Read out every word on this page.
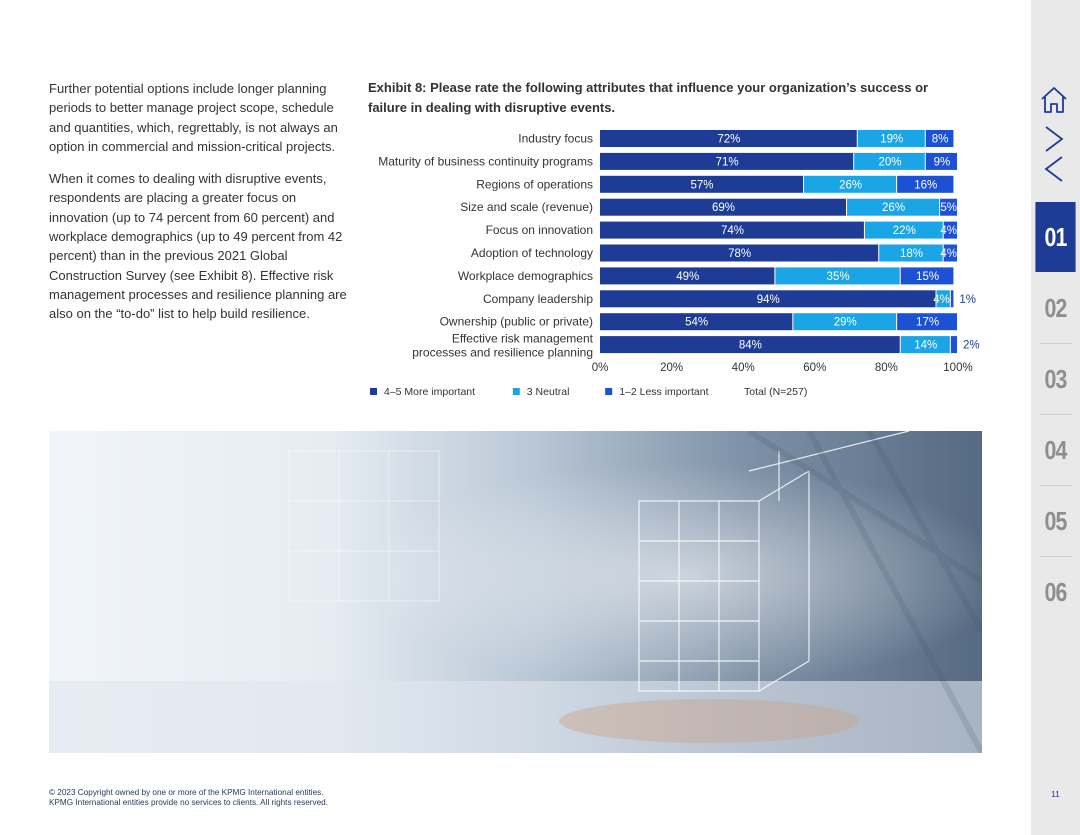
Further potential options include longer planning periods to better manage project scope, schedule and quantities, which, regrettably, is not always an option in commercial and mission-critical projects.

When it comes to dealing with disruptive events, respondents are placing a greater focus on innovation (up to 74 percent from 60 percent) and workplace demographics (up to 49 percent from 42 percent) than in the previous 2021 Global Construction Survey (see Exhibit 8). Effective risk management processes and resilience planning are also on the “to-do” list to help build resilience.

Exhibit 8: Please rate the following attributes that influence your organization’s success or failure in dealing with disruptive events.
Industry focus	72%	19% 8%
Maturity of business continuity programs	71%	20%	9%
Regions of operations	57%	26%	16%
Size and scale (revenue)	69%	26%	5%
Focus on innovation	74%	22% 4%
Adoption of technology	78%	18% 4%
Workplace demographics	49%	35%	15%
Company leadership	94%	4% 1%
Ownership (public or private)	54%	29%	17%
Effective risk management
processes and resilience planning	84%	14% 2%
0%	20%	40%	60%	80%	100%
4–5 More important	3 Neutral	1–2 Less important	Total (N=257)
© 2023 Copyright owned by one or more of the KPMG International entities.
KPMG International entities provide no services to clients. All rights reserved.
01
02
03
04
05
06
11
